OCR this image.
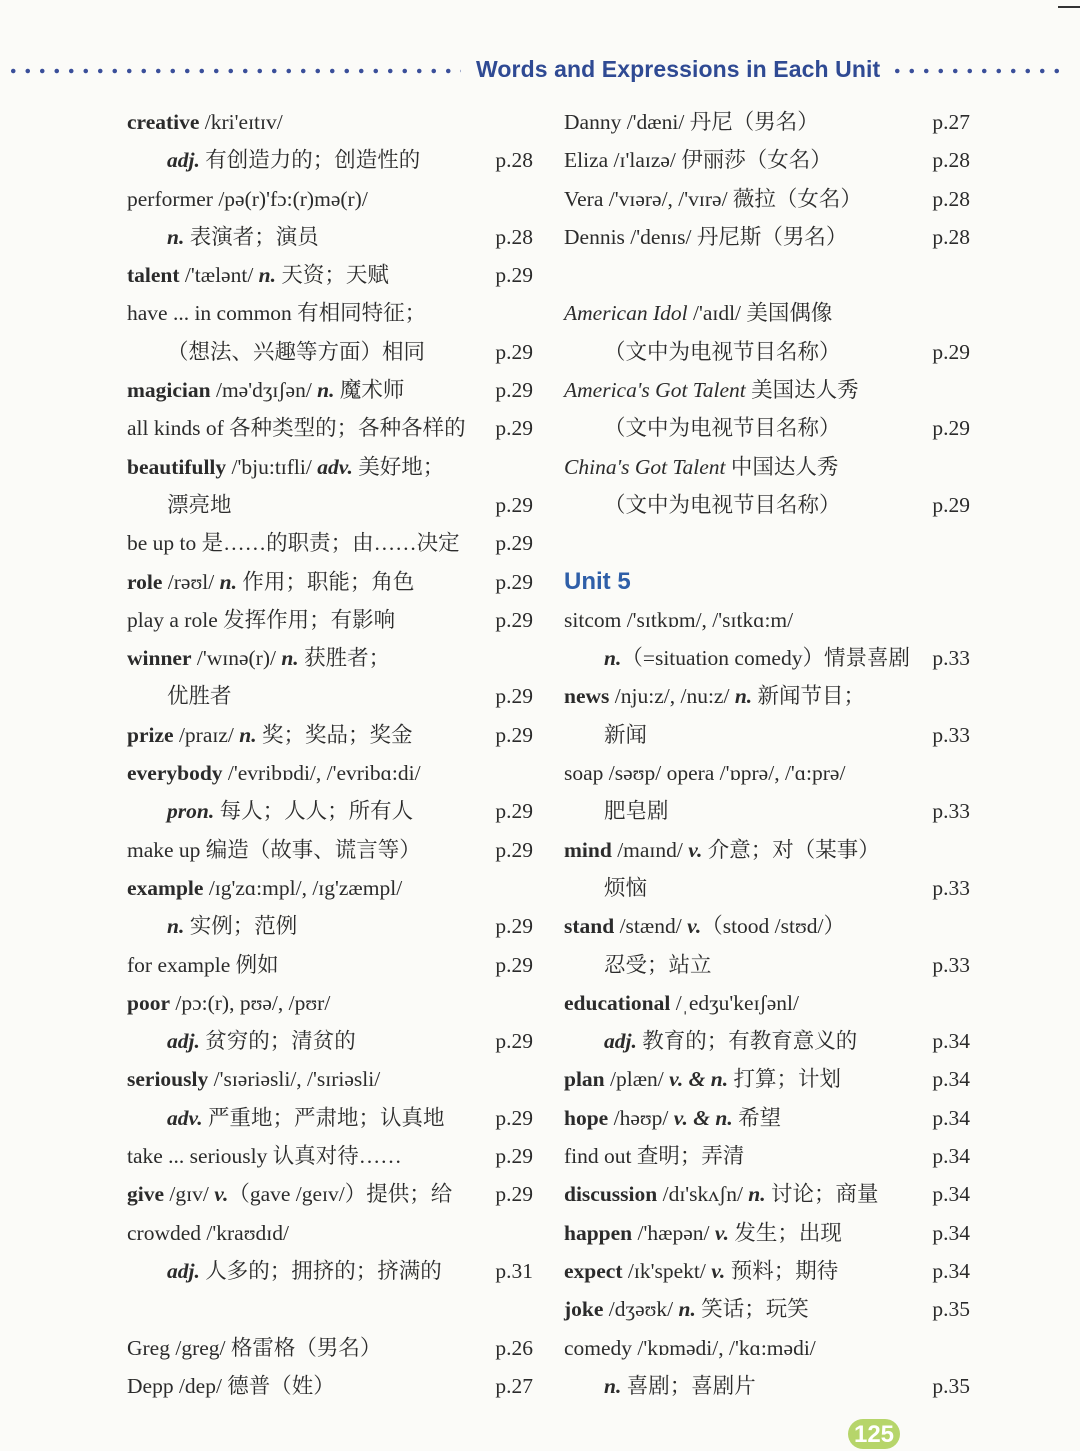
Words and Expressions in Each Unit
creative /kri'eɪtɪv/
adj. 有创造力的；创造性的	p.28
performer /pə(r)'fɔ:(r)mə(r)/
n. 表演者；演员	p.28
talent /'tælənt/ n. 天资；天赋	p.29
have ... in common 有相同特征；
（想法、兴趣等方面）相同	p.29
magician /mə'dʒɪʃən/ n. 魔术师	p.29
all kinds of 各种类型的；各种各样的 p.29
beautifully /'bju:tɪfli/ adv. 美好地；
漂亮地	p.29
be up to 是……的职责；由……决定 p.29
role /rəʊl/ n. 作用；职能；角色	p.29
play a role 发挥作用；有影响	p.29
winner /'wɪnə(r)/ n. 获胜者；
优胜者	p.29
prize /praɪz/ n. 奖；奖品；奖金	p.29
everybody /'evribɒdi/, /'evribɑ:di/
pron. 每人；人人；所有人	p.29
make up 编造（故事、谎言等）	p.29
example /ɪg'zɑ:mpl/, /ɪg'zæmpl/
n. 实例；范例	p.29
for example 例如	p.29
poor /pɔ:(r), pʊə/, /pʊr/
adj. 贫穷的；清贫的	p.29
seriously /'sɪəriəsli/, /'sɪriəsli/
adv. 严重地；严肃地；认真地 p.29
take ... seriously 认真对待……	p.29
give /gɪv/ v.（gave /geɪv/）提供；给 p.29
crowded /'kraʊdɪd/
adj. 人多的；拥挤的；挤满的 p.31
Greg /greg/ 格雷格（男名）	p.26
Depp /dep/ 德普（姓）	p.27
Danny /'dæni/ 丹尼（男名）	p.27
Eliza /ɪ'laɪzə/ 伊丽莎（女名）	p.28
Vera /'vɪərə/, /'vɪrə/ 薇拉（女名）	p.28
Dennis /'denɪs/ 丹尼斯（男名）	p.28
American Idol /'aɪdl/ 美国偶像
（文中为电视节目名称）	p.29
America's Got Talent 美国达人秀
（文中为电视节目名称）	p.29
China's Got Talent 中国达人秀
（文中为电视节目名称）	p.29
Unit 5
sitcom /'sɪtkɒm/, /'sɪtkɑ:m/
n.（=situation comedy）情景喜剧 p.33
news /nju:z/, /nu:z/ n. 新闻节目；
新闻	p.33
soap /səʊp/ opera /'ɒprə/, /'ɑ:prə/
肥皂剧	p.33
mind /maɪnd/ v. 介意；对（某事）
烦恼	p.33
stand /stænd/ v.（stood /stʊd/）
忍受；站立	p.33
educational /ˌedʒu'keɪʃənl/
adj. 教育的；有教育意义的	p.34
plan /plæn/ v. & n. 打算；计划	p.34
hope /həʊp/ v. & n. 希望	p.34
find out 查明；弄清	p.34
discussion /dɪ'skʌʃn/ n. 讨论；商量	p.34
happen /'hæpən/ v. 发生；出现	p.34
expect /ɪk'spekt/ v. 预料；期待	p.34
joke /dʒəʊk/ n. 笑话；玩笑	p.35
comedy /'kɒmədi/, /'kɑ:mədi/
n. 喜剧；喜剧片	p.35
125
